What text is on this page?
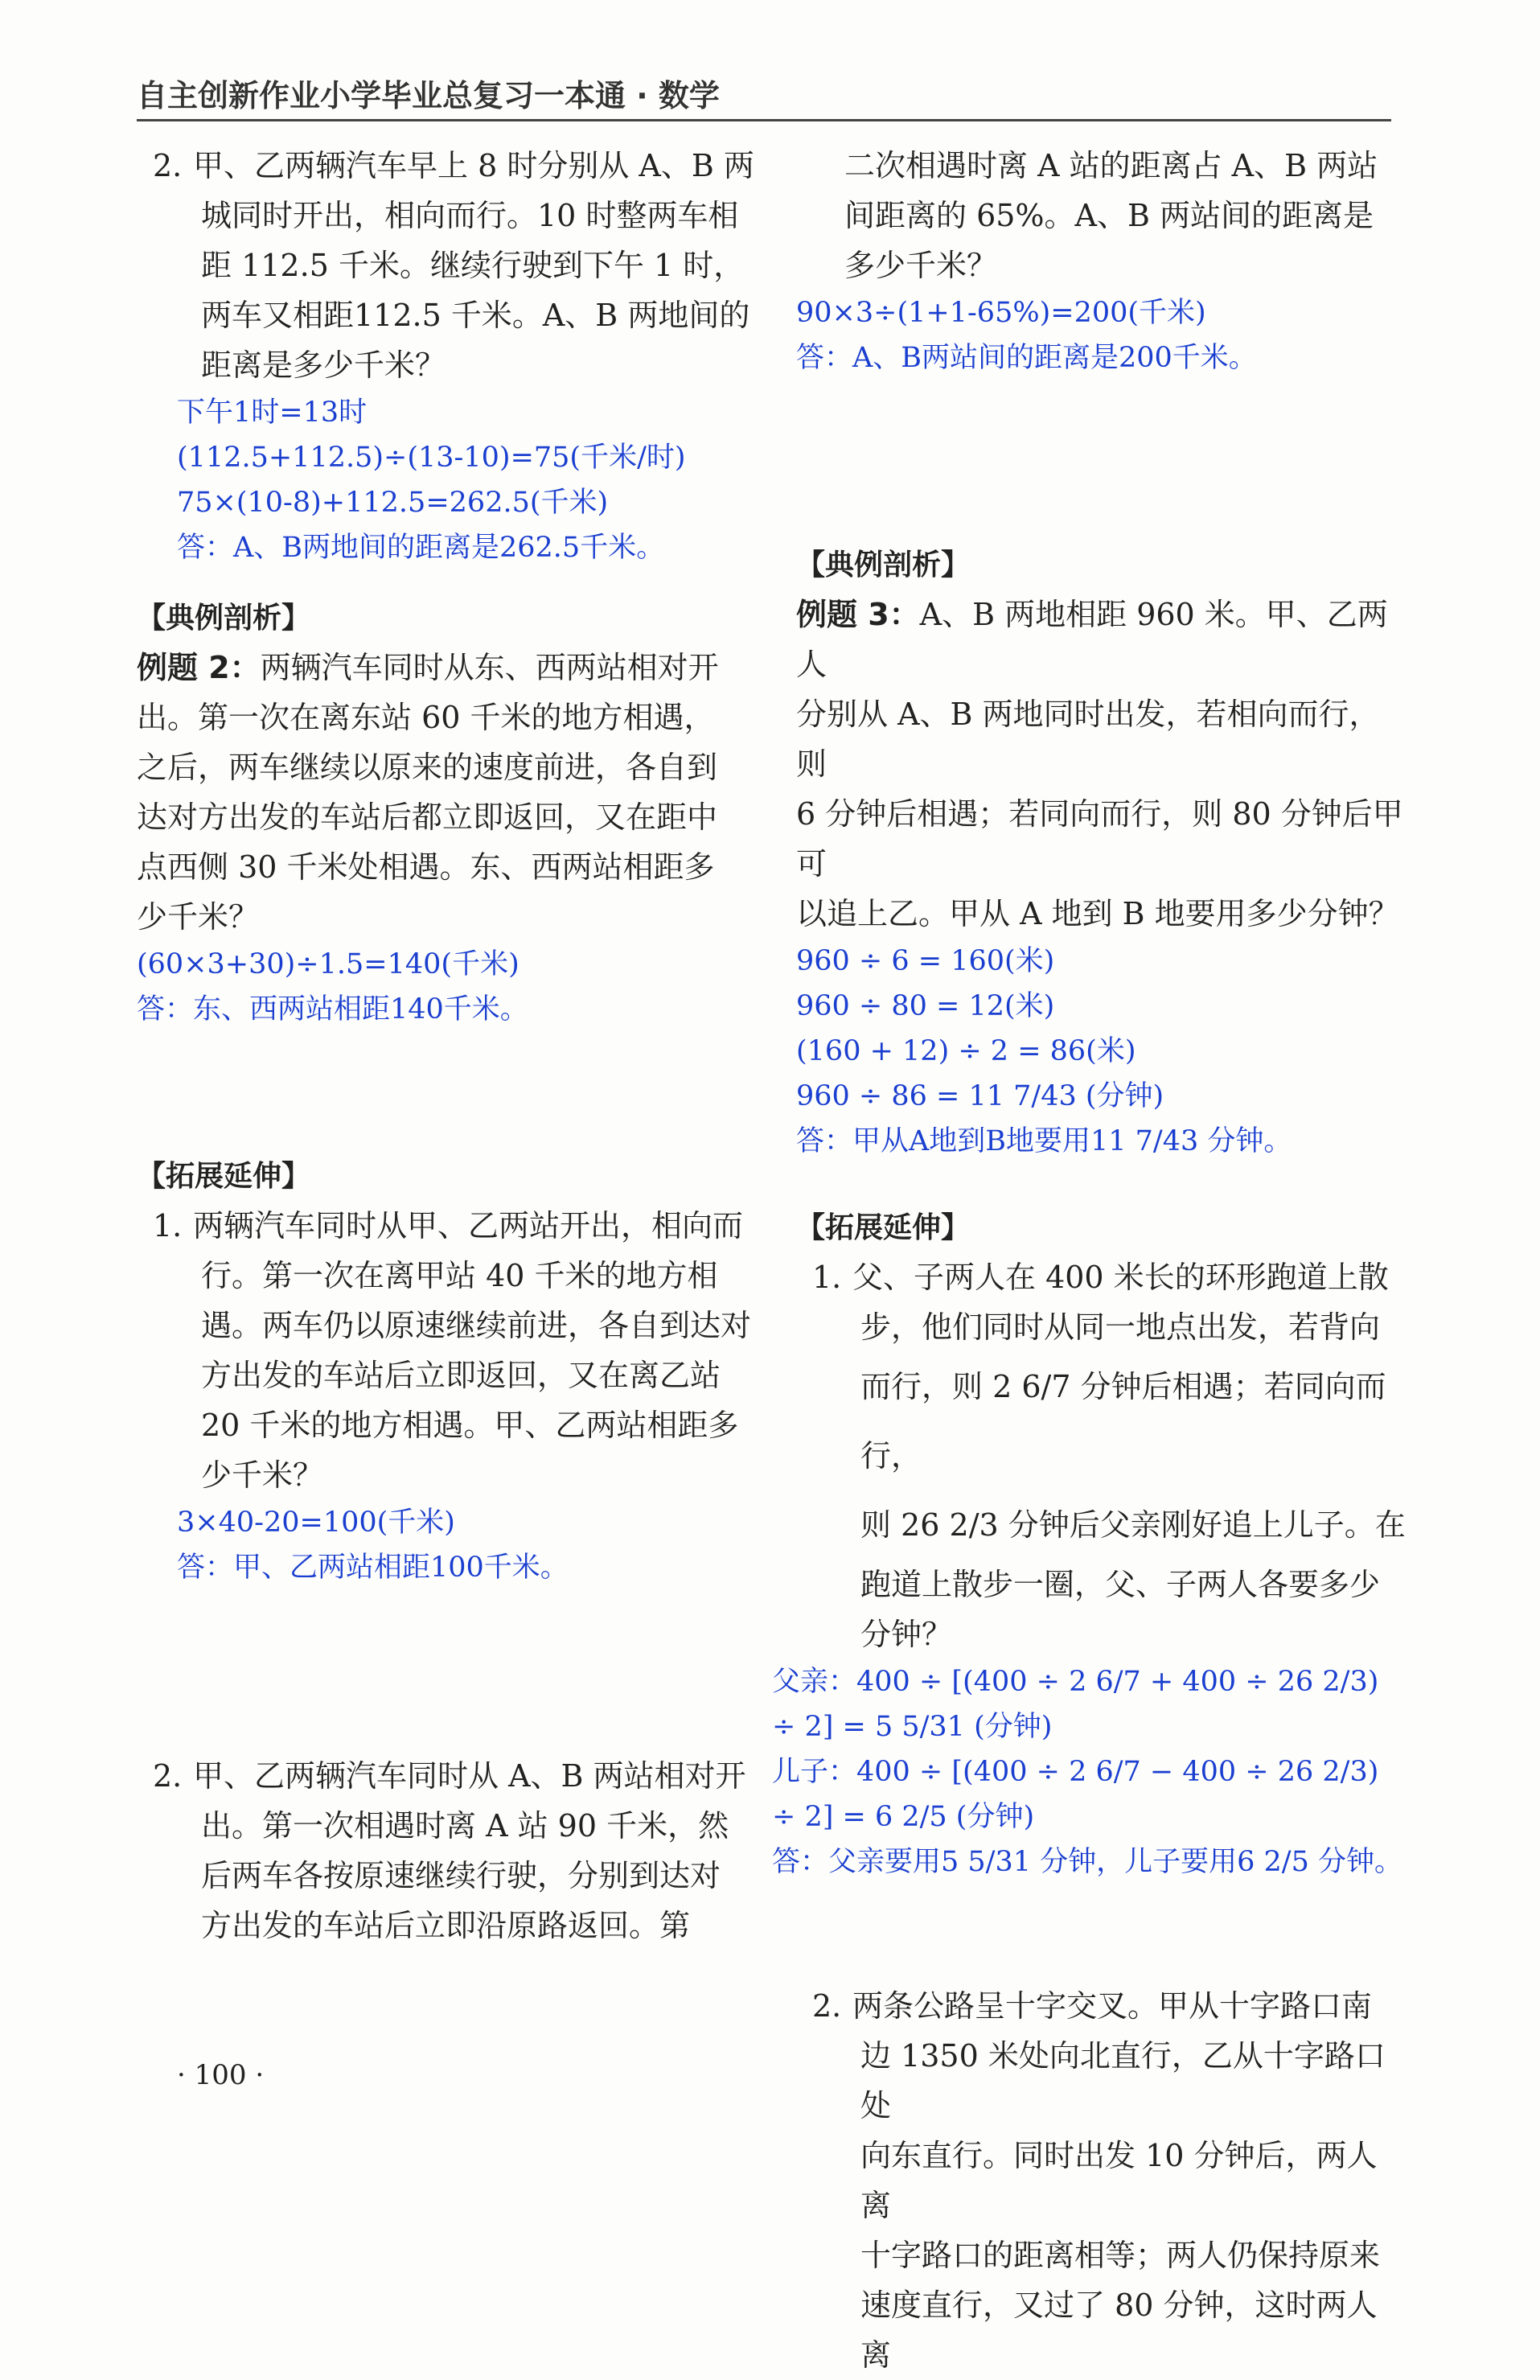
自主创新作业小学毕业总复习一本通 · 数学

2. 甲、乙两辆汽车早上 8 时分别从 A、B 两

城同时开出，相向而行。10 时整两车相

距 112.5 千米。继续行驶到下午 1 时，

两车又相距112.5 千米。A、B 两地间的

距离是多少千米？

下午1时=13时

(112.5+112.5)÷(13-10)=75(千米/时)

75×(10-8)+112.5=262.5(千米)

答：A、B两地间的距离是262.5千米。

【典例剖析】

例题 2：两辆汽车同时从东、西两站相对开

出。第一次在离东站 60 千米的地方相遇，

之后，两车继续以原来的速度前进，各自到

达对方出发的车站后都立即返回，又在距中

点西侧 30 千米处相遇。东、西两站相距多

少千米？

(60×3+30)÷1.5=140(千米)

答：东、西两站相距140千米。

【拓展延伸】

1. 两辆汽车同时从甲、乙两站开出，相向而

行。第一次在离甲站 40 千米的地方相

遇。两车仍以原速继续前进，各自到达对

方出发的车站后立即返回，又在离乙站

20 千米的地方相遇。甲、乙两站相距多

少千米？

3×40-20=100(千米)

答：甲、乙两站相距100千米。

2. 甲、乙两辆汽车同时从 A、B 两站相对开

出。第一次相遇时离 A 站 90 千米，然

后两车各按原速继续行驶，分别到达对

方出发的车站后立即沿原路返回。第

· 100 ·

二次相遇时离 A 站的距离占 A、B 两站

间距离的 65%。A、B 两站间的距离是

多少千米？

90×3÷(1+1-65%)=200(千米)

答：A、B两站间的距离是200千米。

【典例剖析】

例题 3：A、B 两地相距 960 米。甲、乙两人

分别从 A、B 两地同时出发，若相向而行，则

6 分钟后相遇；若同向而行，则 80 分钟后甲可

以追上乙。甲从 A 地到 B 地要用多少分钟？

960 ÷ 6 = 160(米)

960 ÷ 80 = 12(米)

(160 + 12) ÷ 2 = 86(米)

960 ÷ 86 = 11 7/43 (分钟)

答：甲从A地到B地要用11 7/43 分钟。

【拓展延伸】

1. 父、子两人在 400 米长的环形跑道上散

步，他们同时从同一地点出发，若背向

而行，则 2 6/7 分钟后相遇；若同向而行，

则 26 2/3 分钟后父亲刚好追上儿子。在

跑道上散步一圈，父、子两人各要多少

分钟？

父亲：400 ÷ [(400 ÷ 2 6/7 + 400 ÷ 26 2/3) ÷ 2] = 5 5/31 (分钟)

儿子：400 ÷ [(400 ÷ 2 6/7 − 400 ÷ 26 2/3) ÷ 2] = 6 2/5 (分钟)

答：父亲要用5 5/31 分钟，儿子要用6 2/5 分钟。

2. 两条公路呈十字交叉。甲从十字路口南

边 1350 米处向北直行，乙从十字路口处

向东直行。同时出发 10 分钟后，两人离

十字路口的距离相等；两人仍保持原来

速度直行，又过了 80 分钟，这时两人离
